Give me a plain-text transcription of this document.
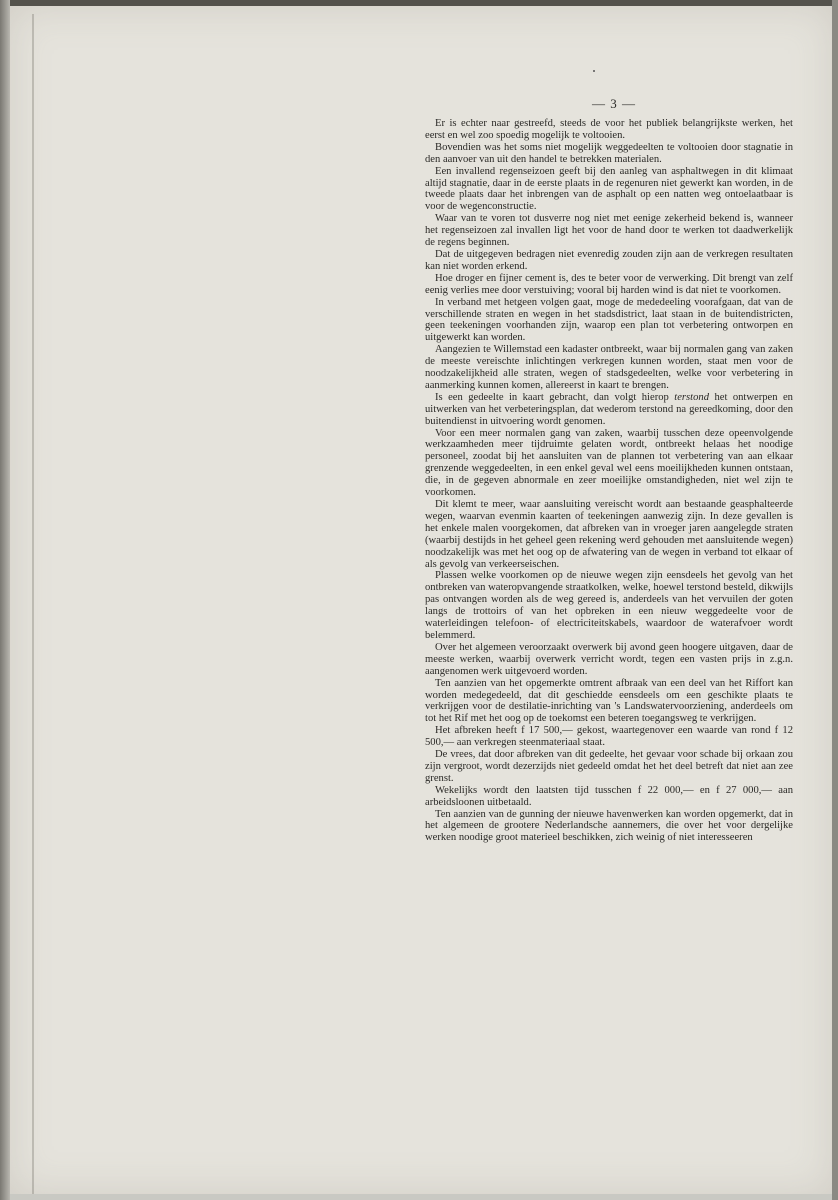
— 3 —

Er is echter naar gestreefd, steeds de voor het publiek belangrijkste werken, het eerst en wel zoo spoedig mogelijk te voltooien.

Bovendien was het soms niet mogelijk weggedeelten te voltooien door stagnatie in den aanvoer van uit den handel te betrekken materialen.

Een invallend regenseizoen geeft bij den aanleg van asphaltwegen in dit klimaat altijd stagnatie, daar in de eerste plaats in de regenuren niet gewerkt kan worden, in de tweede plaats daar het inbrengen van de asphalt op een natten weg ontoelaatbaar is voor de wegenconstructie.

Waar van te voren tot dusverre nog niet met eenige zekerheid bekend is, wanneer het regenseizoen zal invallen ligt het voor de hand door te werken tot daadwerkelijk de regens beginnen.

Dat de uitgegeven bedragen niet evenredig zouden zijn aan de verkregen resultaten kan niet worden erkend.

Hoe droger en fijner cement is, des te beter voor de verwerking. Dit brengt van zelf eenig verlies mee door verstuiving; vooral bij harden wind is dat niet te voorkomen.

In verband met hetgeen volgen gaat, moge de mededeeling voorafgaan, dat van de verschillende straten en wegen in het stadsdistrict, laat staan in de buitendistricten, geen teekeningen voorhanden zijn, waarop een plan tot verbetering ontworpen en uitgewerkt kan worden.

Aangezien te Willemstad een kadaster ontbreekt, waar bij normalen gang van zaken de meeste vereischte inlichtingen verkregen kunnen worden, staat men voor de noodzakelijkheid alle straten, wegen of stadsgedeelten, welke voor verbetering in aanmerking kunnen komen, allereerst in kaart te brengen.

Is een gedeelte in kaart gebracht, dan volgt hierop terstond het ontwerpen en uitwerken van het verbeteringsplan, dat wederom terstond na gereedkoming, door den buitendienst in uitvoering wordt genomen.

Voor een meer normalen gang van zaken, waarbij tusschen deze opeenvolgende werkzaamheden meer tijdruimte gelaten wordt, ontbreekt helaas het noodige personeel, zoodat bij het aansluiten van de plannen tot verbetering van aan elkaar grenzende weggedeelten, in een enkel geval wel eens moeilijkheden kunnen ontstaan, die, in de gegeven abnormale en zeer moeilijke omstandigheden, niet wel zijn te voorkomen.

Dit klemt te meer, waar aansluiting vereischt wordt aan bestaande geasphalteerde wegen, waarvan evenmin kaarten of teekeningen aanwezig zijn. In deze gevallen is het enkele malen voorgekomen, dat afbreken van in vroeger jaren aangelegde straten (waarbij destijds in het geheel geen rekening werd gehouden met aansluitende wegen) noodzakelijk was met het oog op de afwatering van de wegen in verband tot elkaar of als gevolg van verkeerseischen.

Plassen welke voorkomen op de nieuwe wegen zijn eensdeels het gevolg van het ontbreken van wateropvangende straatkolken, welke, hoewel terstond besteld, dikwijls pas ontvangen worden als de weg gereed is, anderdeels van het vervuilen der goten langs de trottoirs of van het opbreken in een nieuw weggedeelte voor de waterleidingen telefoon- of electriciteitskabels, waardoor de waterafvoer wordt belemmerd.

Over het algemeen veroorzaakt overwerk bij avond geen hoogere uitgaven, daar de meeste werken, waarbij overwerk verricht wordt, tegen een vasten prijs in z.g.n. aangenomen werk uitgevoerd worden.

Ten aanzien van het opgemerkte omtrent afbraak van een deel van het Riffort kan worden medegedeeld, dat dit geschiedde eensdeels om een geschikte plaats te verkrijgen voor de destilatie-inrichting van 's Landswatervoorziening, anderdeels om tot het Rif met het oog op de toekomst een beteren toegangsweg te verkrijgen.

Het afbreken heeft f 17 500,— gekost, waartegenover een waarde van rond f 12 500,— aan verkregen steenmateriaal staat.

De vrees, dat door afbreken van dit gedeelte, het gevaar voor schade bij orkaan zou zijn vergroot, wordt dezerzijds niet gedeeld omdat het het deel betreft dat niet aan zee grenst.

Wekelijks wordt den laatsten tijd tusschen f 22 000,— en f 27 000,— aan arbeidsloonen uitbetaald.

Ten aanzien van de gunning der nieuwe havenwerken kan worden opgemerkt, dat in het algemeen de grootere Nederlandsche aannemers, die over het voor dergelijke werken noodige groot materieel beschikken, zich weinig of niet interesseeren
